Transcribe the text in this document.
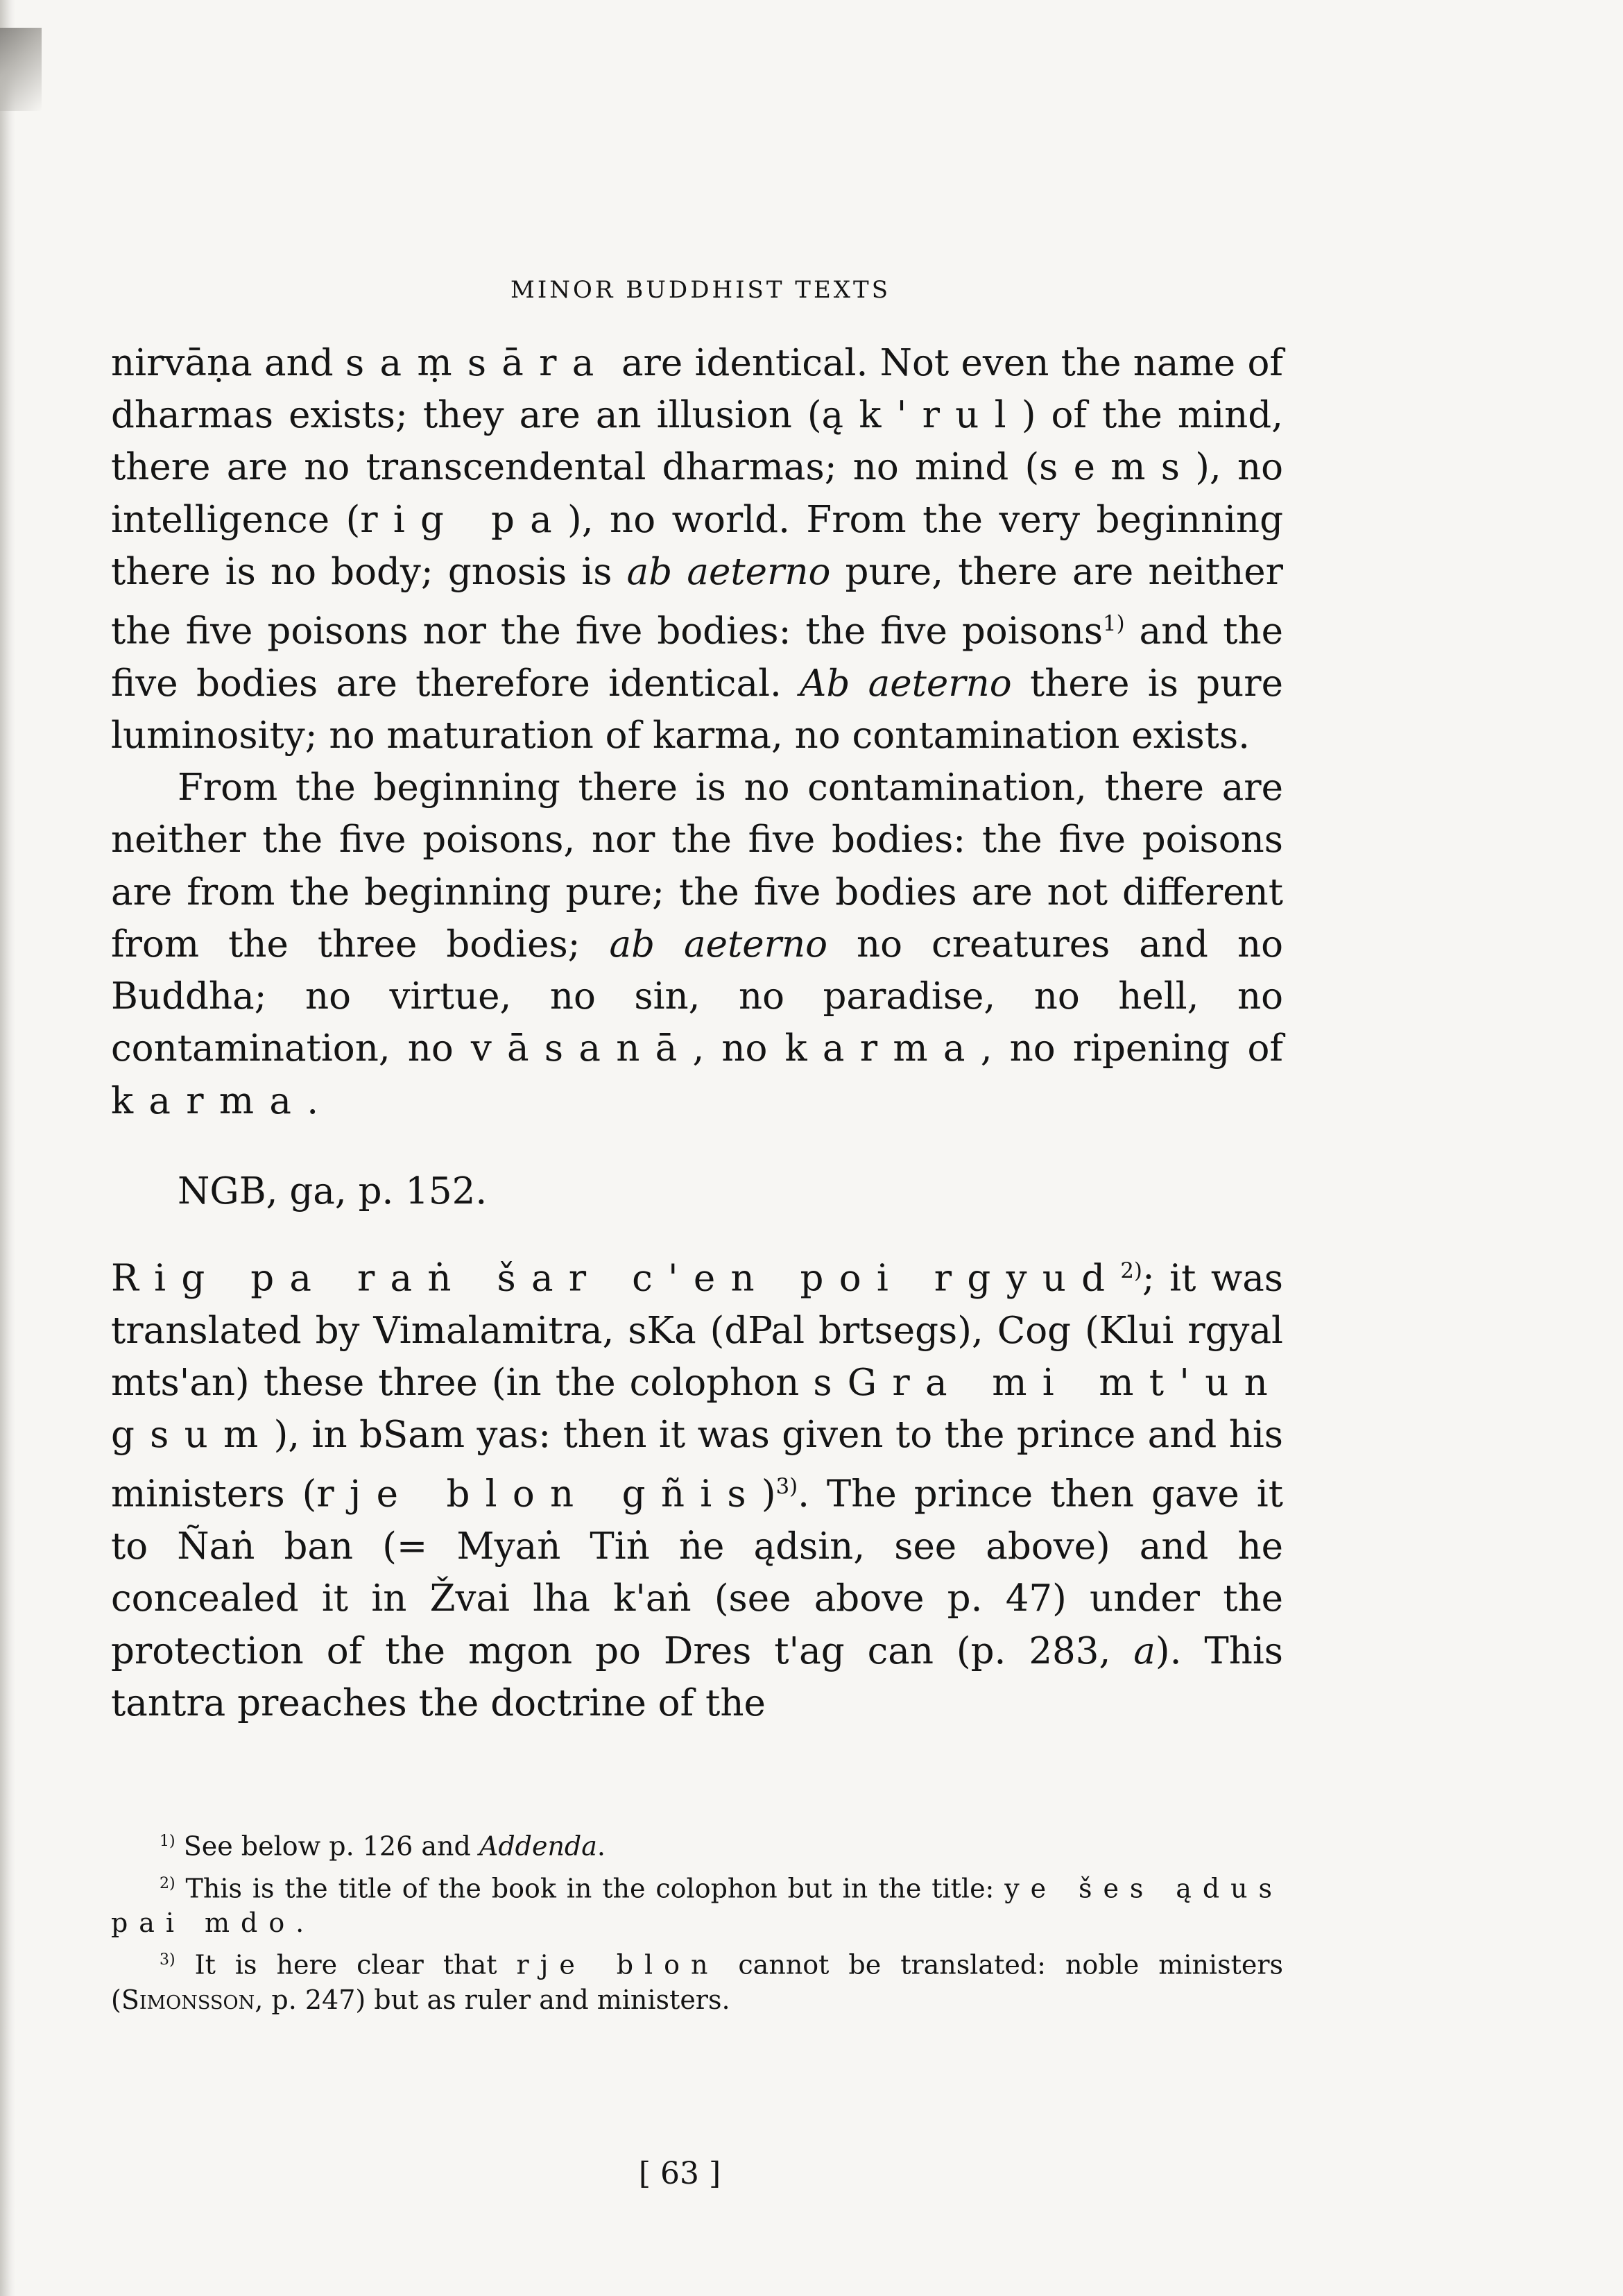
MINOR BUDDHIST TEXTS

nirvāṇa and saṃsāra are identical. Not even the name of dharmas exists; they are an illusion (ąk'rul) of the mind, there are no transcendental dharmas; no mind (sems), no intelligence (rig pa), no world. From the very beginning there is no body; gnosis is ab aeterno pure, there are neither the five poisons nor the five bodies: the five poisons$^{1)}$ and the five bodies are therefore identical. Ab aeterno there is pure luminosity; no maturation of karma, no contamination exists.

From the beginning there is no contamination, there are neither the five poisons, nor the five bodies: the five poisons are from the beginning pure; the five bodies are not different from the three bodies; ab aeterno no creatures and no Buddha; no virtue, no sin, no paradise, no hell, no contamination, no vāsanā, no karma, no ripening of karma.

NGB, ga, p. 152.

Rig pa raṅ šar c'en poi rgyud$^{2)}$; it was translated by Vimalamitra, sKa (dPal brtsegs), Cog (Klui rgyal mts'an) these three (in the colophon sGra mi mt'un gsum), in bSam yas: then it was given to the prince and his ministers (rje blon gñis)$^{3)}$. The prince then gave it to Ñaṅ ban (= Myaṅ Tiṅ ṅe ądsin, see above) and he concealed it in Žvai lha k'aṅ (see above p. 47) under the protection of the mgon po Dres t'ag can (p. 283, a). This tantra preaches the doctrine of the

$^{1)}$ See below p. 126 and Addenda.

$^{2)}$ This is the title of the book in the colophon but in the title: ye šes ądus pai mdo.

$^{3)}$ It is here clear that rje blon cannot be translated: noble ministers (Simonsson, p. 247) but as ruler and ministers.

[ 63 ]
